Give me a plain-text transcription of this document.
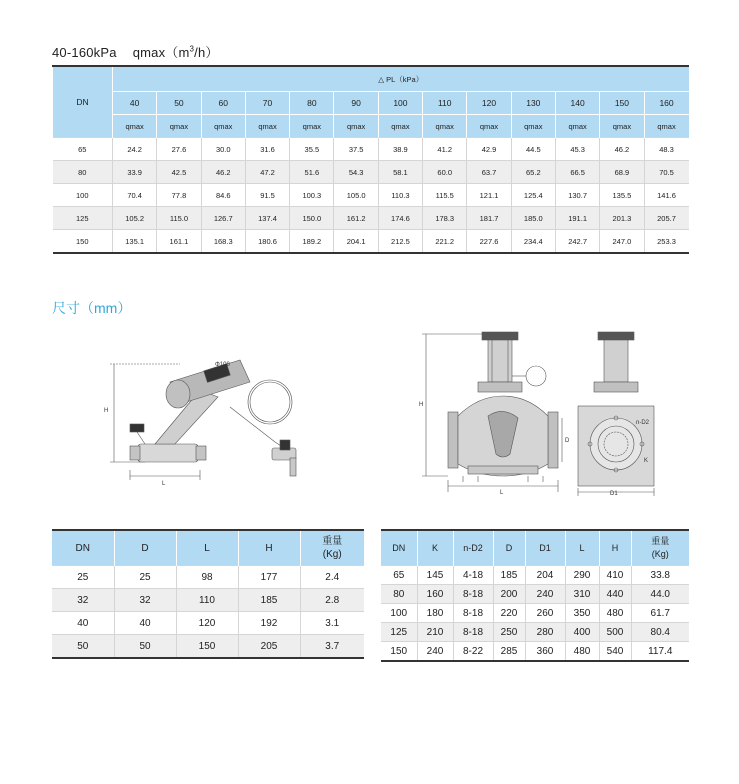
40-160kPa $qmax(m^3/h)$
DN	△ PL（kPa）												
	40	50	60	70	80	90	100	110	120	130	140	150	160
	qmax	qmax	qmax	qmax	qmax	qmax	qmax	qmax	qmax	qmax	qmax	qmax	qmax
65	24.2	27.6	30.0	31.6	35.5	37.5	38.9	41.2	42.9	44.5	45.3	46.2	48.3
80	33.9	42.5	46.2	47.2	51.6	54.3	58.1	60.0	63.7	65.2	66.5	68.9	70.5
100	70.4	77.8	84.6	91.5	100.3	105.0	110.3	115.5	121.1	125.4	130.7	135.5	141.6
125	105.2	115.0	126.7	137.4	150.0	161.2	174.6	178.3	181.7	185.0	191.1	201.3	205.7
150	135.1	161.1	168.3	180.6	189.2	204.1	212.5	221.2	227.6	234.4	242.7	247.0	253.3
尺寸（mm）
H
L
Φ108
H
L
D
K
D1
n-D2
DN	D	L	H	重量
(Kg)
25	25	98	177	2.4
32	32	110	185	2.8
40	40	120	192	3.1
50	50	150	205	3.7
DN	K	n-D2	D	D1	L	H	重量
(Kg)
65	145	4-18	185	204	290	410	33.8
80	160	8-18	200	240	310	440	44.0
100	180	8-18	220	260	350	480	61.7
125	210	8-18	250	280	400	500	80.4
150	240	8-22	285	360	480	540	117.4
